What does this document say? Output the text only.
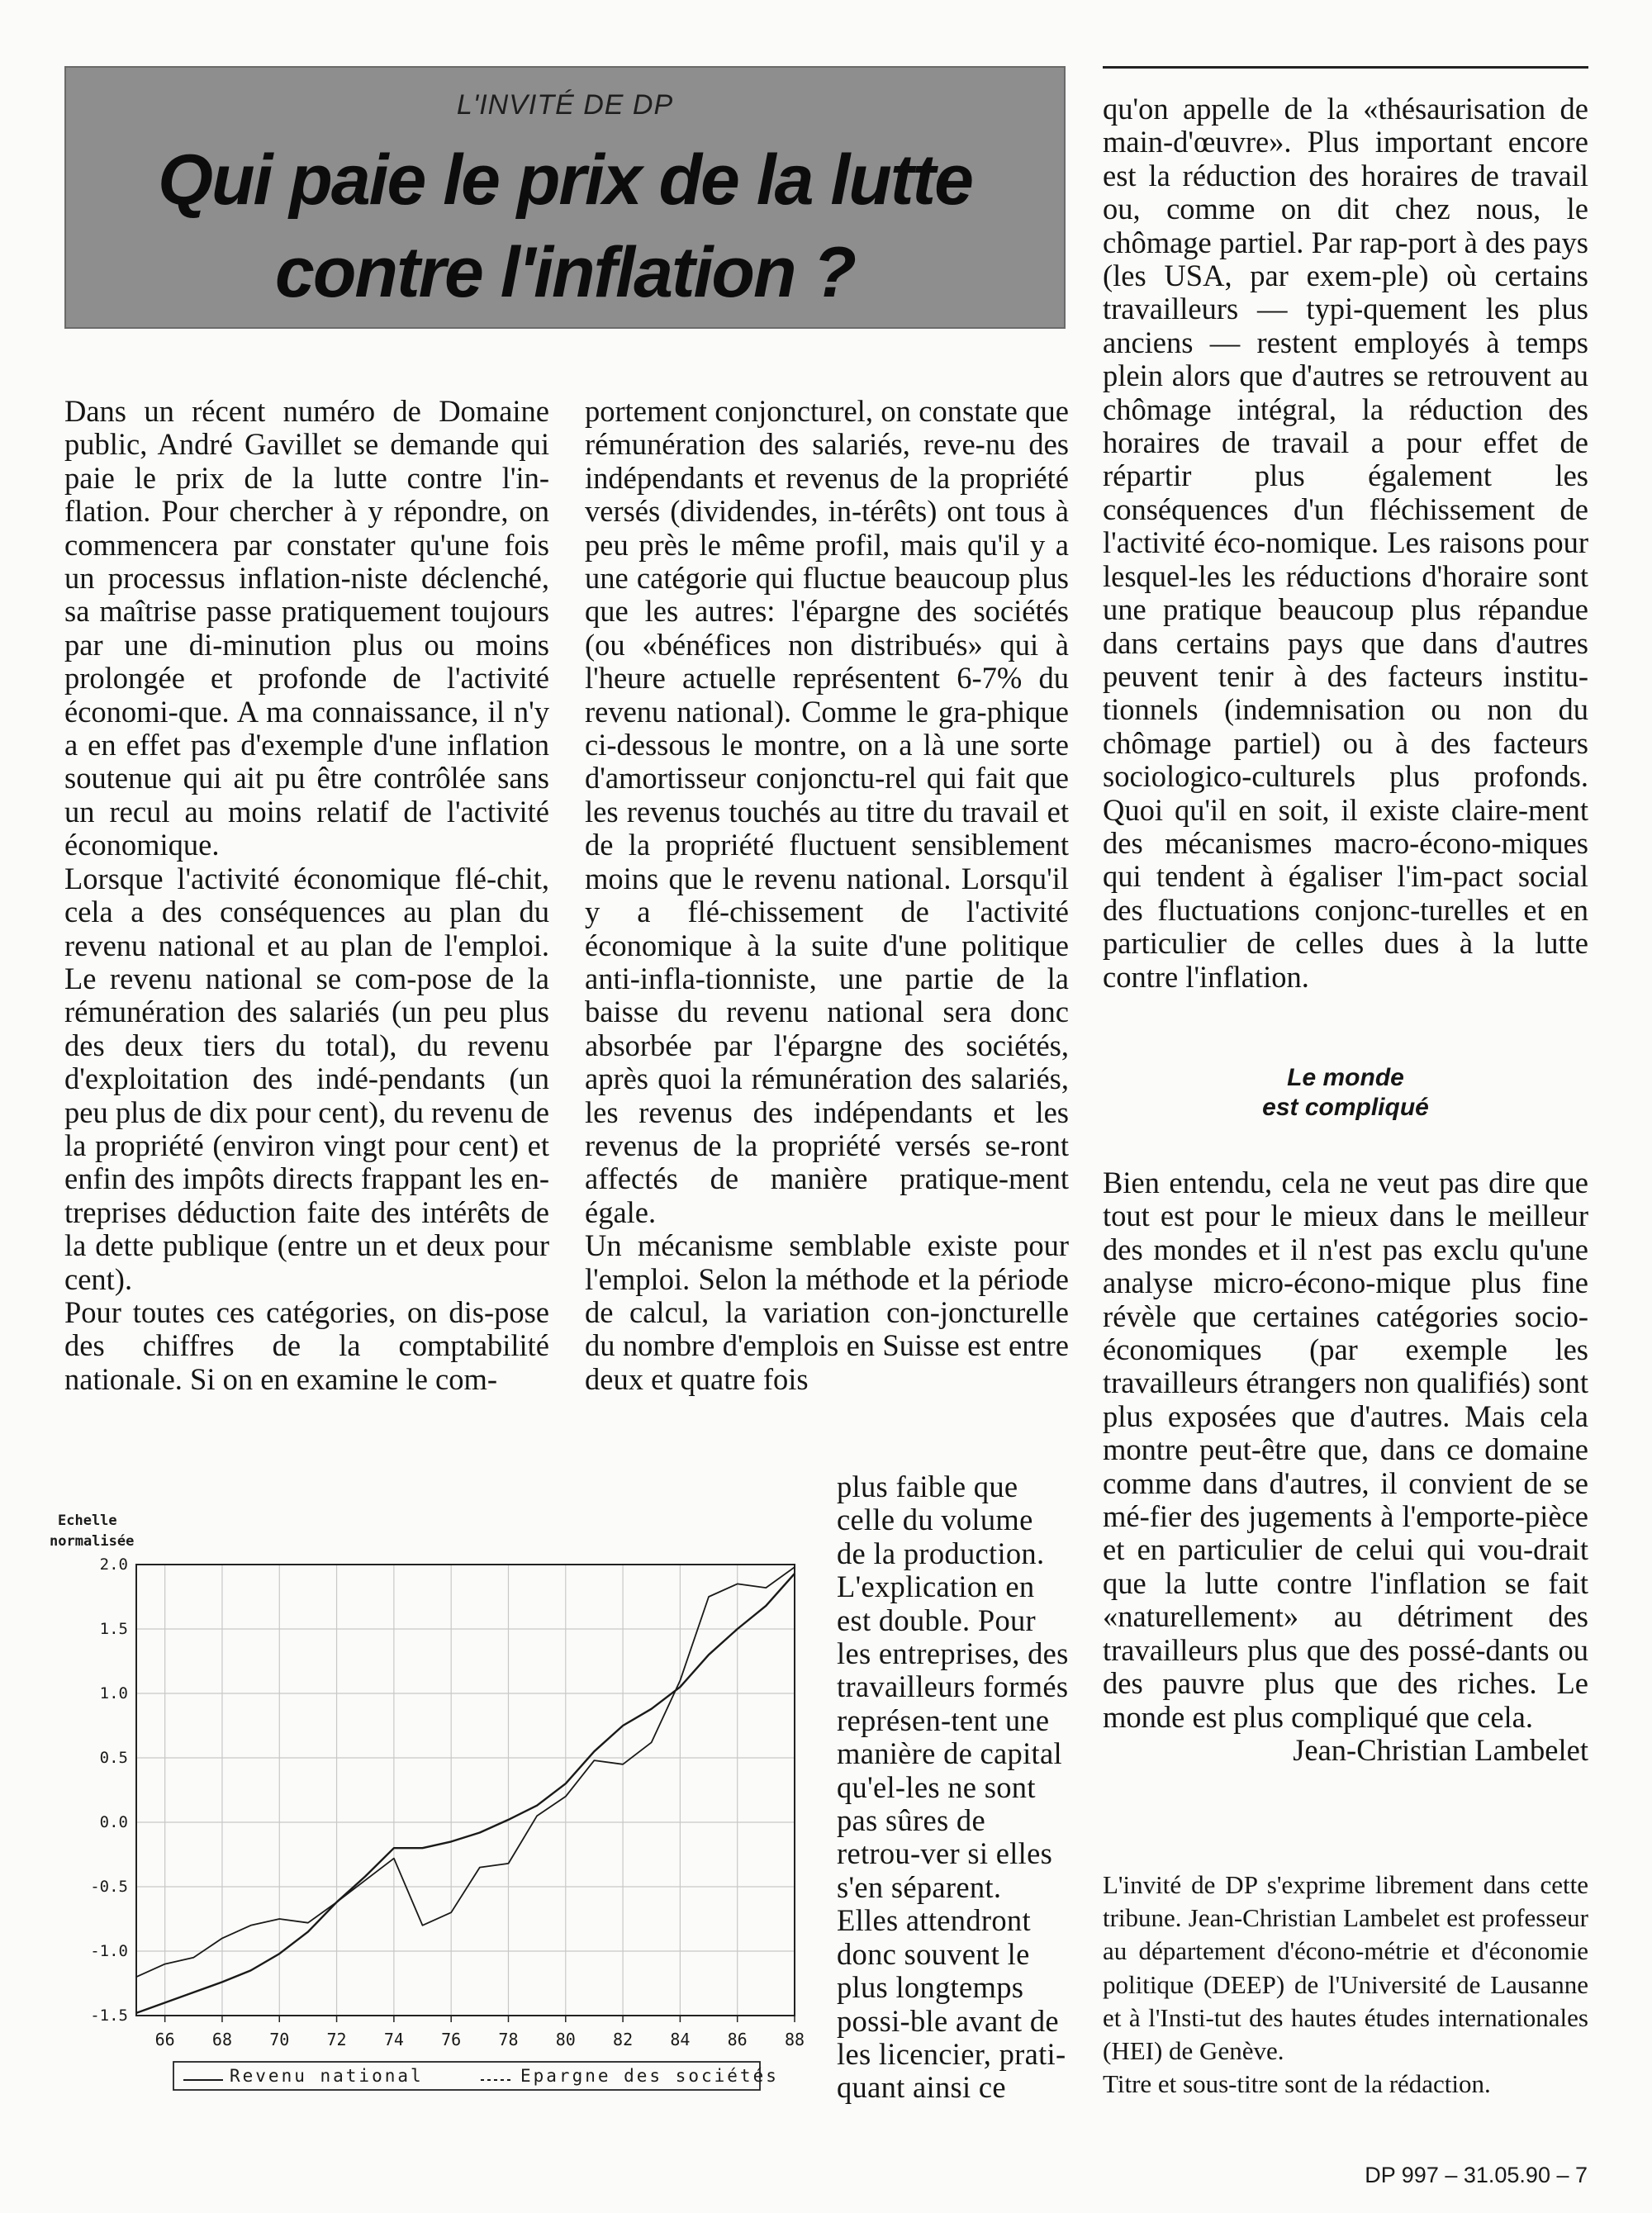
L'INVITÉ DE DP
Qui paie le prix de la lutte
contre l'inflation ?

Dans un récent numéro de Domaine public, André Gavillet se demande qui paie le prix de la lutte contre l'in-flation. Pour chercher à y répondre, on commencera par constater qu'une fois un processus inflation-niste déclenché, sa maîtrise passe pratiquement toujours par une di-minution plus ou moins prolongée et profonde de l'activité économi-que. A ma connaissance, il n'y a en effet pas d'exemple d'une inflation soutenue qui ait pu être contrôlée sans un recul au moins relatif de l'activité économique.

Lorsque l'activité économique flé-chit, cela a des conséquences au plan du revenu national et au plan de l'emploi. Le revenu national se com-pose de la rémunération des salariés (un peu plus des deux tiers du total), du revenu d'exploitation des indé-pendants (un peu plus de dix pour cent), du revenu de la propriété (environ vingt pour cent) et enfin des impôts directs frappant les en-treprises déduction faite des intérêts de la dette publique (entre un et deux pour cent).

Pour toutes ces catégories, on dis-pose des chiffres de la comptabilité nationale. Si on en examine le com-

portement conjoncturel, on constate que rémunération des salariés, reve-nu des indépendants et revenus de la propriété versés (dividendes, in-térêts) ont tous à peu près le même profil, mais qu'il y a une catégorie qui fluctue beaucoup plus que les autres: l'épargne des sociétés (ou «bénéfices non distribués» qui à l'heure actuelle représentent 6-7% du revenu national). Comme le gra-phique ci-dessous le montre, on a là une sorte d'amortisseur conjonctu-rel qui fait que les revenus touchés au titre du travail et de la propriété fluctuent sensiblement moins que le revenu national. Lorsqu'il y a flé-chissement de l'activité économique à la suite d'une politique anti-infla-tionniste, une partie de la baisse du revenu national sera donc absorbée par l'épargne des sociétés, après quoi la rémunération des salariés, les revenus des indépendants et les revenus de la propriété versés se-ront affectés de manière pratique-ment égale.

Un mécanisme semblable existe pour l'emploi. Selon la méthode et la période de calcul, la variation con-joncturelle du nombre d'emplois en Suisse est entre deux et quatre fois

qu'on appelle de la «thésaurisation de main-d'œuvre». Plus important encore est la réduction des horaires de travail ou, comme on dit chez nous, le chômage partiel. Par rap-port à des pays (les USA, par exem-ple) où certains travailleurs — typi-quement les plus anciens — restent employés à temps plein alors que d'autres se retrouvent au chômage intégral, la réduction des horaires de travail a pour effet de répartir plus également les conséquences d'un fléchissement de l'activité éco-nomique. Les raisons pour lesquel-les les réductions d'horaire sont une pratique beaucoup plus répandue dans certains pays que dans d'autres peuvent tenir à des facteurs institu-tionnels (indemnisation ou non du chômage partiel) ou à des facteurs sociologico-culturels plus profonds. Quoi qu'il en soit, il existe claire-ment des mécanismes macro-écono-miques qui tendent à égaliser l'im-pact social des fluctuations conjonc-turelles et en particulier de celles dues à la lutte contre l'inflation.

plus faible que celle du volume de la production. L'explication en est double. Pour les entreprises, des travailleurs formés représen-tent une manière de capital qu'el-les ne sont pas sûres de retrou-ver si elles s'en séparent. Elles attendront donc souvent le plus longtemps possi-ble avant de les licencier, prati-quant ainsi ce

Le monde
est compliqué

Bien entendu, cela ne veut pas dire que tout est pour le mieux dans le meilleur des mondes et il n'est pas exclu qu'une analyse micro-écono-mique plus fine révèle que certaines catégories socio-économiques (par exemple les travailleurs étrangers non qualifiés) sont plus exposées que d'autres. Mais cela montre peut-être que, dans ce domaine comme dans d'autres, il convient de se mé-fier des jugements à l'emporte-pièce et en particulier de celui qui vou-drait que la lutte contre l'inflation se fait «naturellement» au détriment des travailleurs plus que des possé-dants ou des pauvre plus que des riches. Le monde est plus compliqué que cela.

Jean-Christian Lambelet

L'invité de DP s'exprime librement dans cette tribune. Jean-Christian Lambelet est professeur au département d'écono-métrie et d'économie politique (DEEP) de l'Université de Lausanne et à l'Insti-tut des hautes études internationales (HEI) de Genève.

Titre et sous-titre sont de la rédaction.

DP 997 – 31.05.90 – 7
Echelle
normalisée
2.0
1.5
1.0
0.5
0.0
-0.5
-1.0
-1.5
66 68 70 72 74 76 78 80 82 84 86 88
Revenu national	Epargne des sociétés
